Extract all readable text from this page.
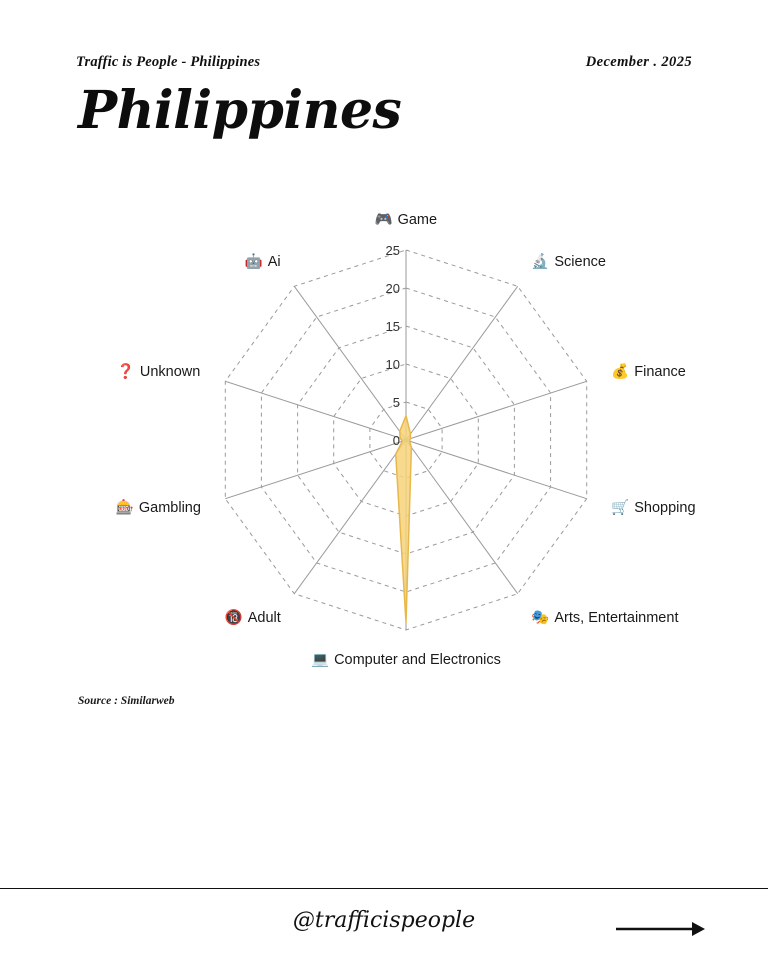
Traffic is People - Philippines	December . 2025
Philippines
0
5
10
15
20
25
🎮 Game
🔬 Science
💰 Finance
🛒 Shopping
🎭 Arts, Entertainment
💻 Computer and Electronics
🔞 Adult
🎰 Gambling
❓ Unknown
🤖 Ai
Source : Similarweb
@trafficispeople
